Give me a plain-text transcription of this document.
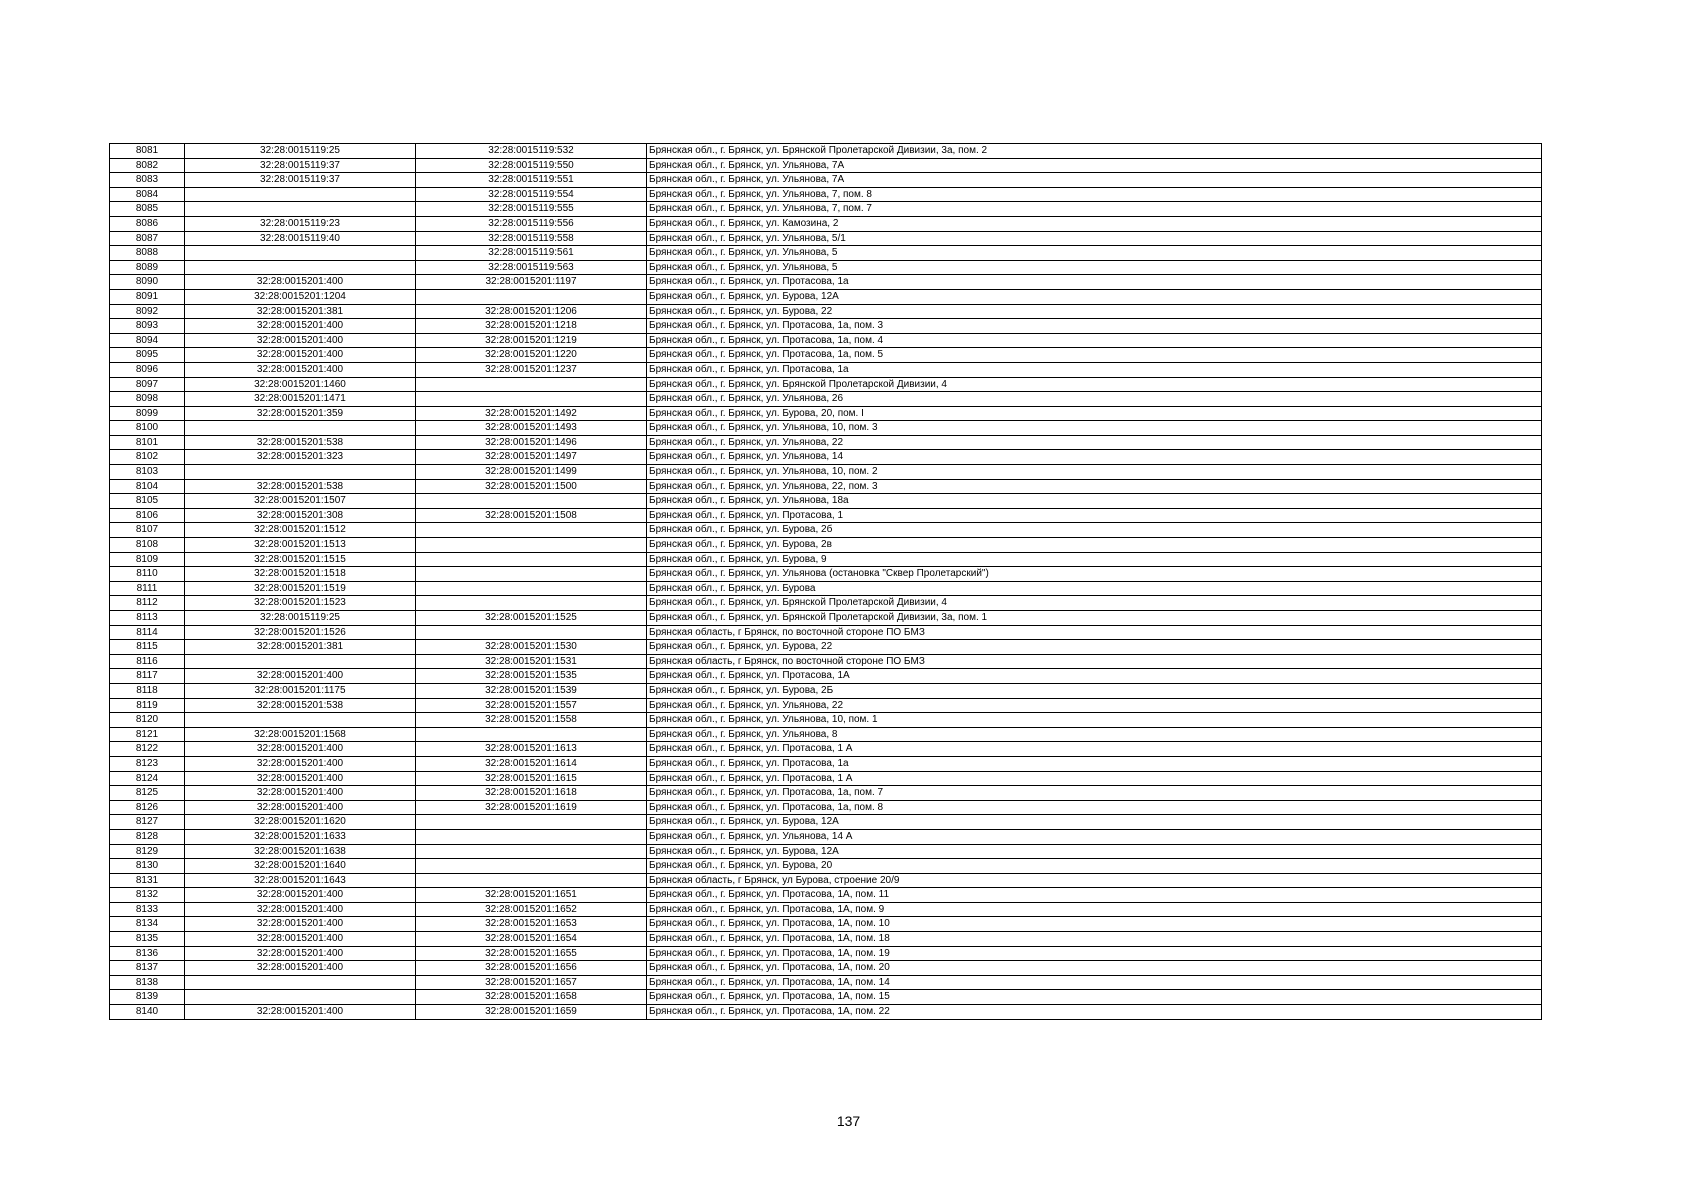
8081	32:28:0015119:25	32:28:0015119:532	Брянская обл., г. Брянск, ул. Брянской Пролетарской Дивизии, 3а, пом. 2
8082	32:28:0015119:37	32:28:0015119:550	Брянская обл., г. Брянск, ул. Ульянова, 7А
8083	32:28:0015119:37	32:28:0015119:551	Брянская обл., г. Брянск, ул. Ульянова, 7А
8084		32:28:0015119:554	Брянская обл., г. Брянск, ул. Ульянова, 7, пом. 8
8085		32:28:0015119:555	Брянская обл., г. Брянск, ул. Ульянова, 7, пом. 7
8086	32:28:0015119:23	32:28:0015119:556	Брянская обл., г. Брянск, ул. Камозина, 2
8087	32:28:0015119:40	32:28:0015119:558	Брянская обл., г. Брянск, ул. Ульянова, 5/1
8088		32:28:0015119:561	Брянская обл., г. Брянск, ул. Ульянова, 5
8089		32:28:0015119:563	Брянская обл., г. Брянск, ул. Ульянова, 5
8090	32:28:0015201:400	32:28:0015201:1197	Брянская обл., г. Брянск, ул. Протасова, 1а
8091	32:28:0015201:1204		Брянская обл., г. Брянск, ул. Бурова, 12А
8092	32:28:0015201:381	32:28:0015201:1206	Брянская обл., г. Брянск, ул. Бурова, 22
8093	32:28:0015201:400	32:28:0015201:1218	Брянская обл., г. Брянск, ул. Протасова, 1а, пом. 3
8094	32:28:0015201:400	32:28:0015201:1219	Брянская обл., г. Брянск, ул. Протасова, 1а, пом. 4
8095	32:28:0015201:400	32:28:0015201:1220	Брянская обл., г. Брянск, ул. Протасова, 1а, пом. 5
8096	32:28:0015201:400	32:28:0015201:1237	Брянская обл., г. Брянск, ул. Протасова, 1а
8097	32:28:0015201:1460		Брянская обл., г. Брянск, ул. Брянской Пролетарской Дивизии, 4
8098	32:28:0015201:1471		Брянская обл., г. Брянск, ул. Ульянова, 26
8099	32:28:0015201:359	32:28:0015201:1492	Брянская обл., г. Брянск, ул. Бурова, 20, пом. I
8100		32:28:0015201:1493	Брянская обл., г. Брянск, ул. Ульянова, 10, пом. 3
8101	32:28:0015201:538	32:28:0015201:1496	Брянская обл., г. Брянск, ул. Ульянова, 22
8102	32:28:0015201:323	32:28:0015201:1497	Брянская обл., г. Брянск, ул. Ульянова, 14
8103		32:28:0015201:1499	Брянская обл., г. Брянск, ул. Ульянова, 10, пом. 2
8104	32:28:0015201:538	32:28:0015201:1500	Брянская обл., г. Брянск, ул. Ульянова, 22, пом. 3
8105	32:28:0015201:1507		Брянская обл., г. Брянск, ул. Ульянова, 18а
8106	32:28:0015201:308	32:28:0015201:1508	Брянская обл., г. Брянск, ул. Протасова, 1
8107	32:28:0015201:1512		Брянская обл., г. Брянск, ул. Бурова, 2б
8108	32:28:0015201:1513		Брянская обл., г. Брянск, ул. Бурова, 2в
8109	32:28:0015201:1515		Брянская обл., г. Брянск, ул. Бурова, 9
8110	32:28:0015201:1518		Брянская обл., г. Брянск, ул. Ульянова (остановка "Сквер Пролетарский")
8111	32:28:0015201:1519		Брянская обл., г. Брянск, ул. Бурова
8112	32:28:0015201:1523		Брянская обл., г. Брянск, ул. Брянской Пролетарской Дивизии, 4
8113	32:28:0015119:25	32:28:0015201:1525	Брянская обл., г. Брянск, ул. Брянской Пролетарской Дивизии, 3а, пом. 1
8114	32:28:0015201:1526		Брянская область, г Брянск, по восточной стороне ПО БМЗ
8115	32:28:0015201:381	32:28:0015201:1530	Брянская обл., г. Брянск, ул. Бурова, 22
8116		32:28:0015201:1531	Брянская область, г Брянск, по восточной стороне ПО БМЗ
8117	32:28:0015201:400	32:28:0015201:1535	Брянская обл., г. Брянск, ул. Протасова, 1А
8118	32:28:0015201:1175	32:28:0015201:1539	Брянская обл., г. Брянск, ул. Бурова, 2Б
8119	32:28:0015201:538	32:28:0015201:1557	Брянская обл., г. Брянск, ул. Ульянова, 22
8120		32:28:0015201:1558	Брянская обл., г. Брянск, ул. Ульянова, 10, пом. 1
8121	32:28:0015201:1568		Брянская обл., г. Брянск, ул. Ульянова, 8
8122	32:28:0015201:400	32:28:0015201:1613	Брянская обл., г. Брянск, ул. Протасова, 1 А
8123	32:28:0015201:400	32:28:0015201:1614	Брянская обл., г. Брянск, ул. Протасова, 1а
8124	32:28:0015201:400	32:28:0015201:1615	Брянская обл., г. Брянск, ул. Протасова, 1 А
8125	32:28:0015201:400	32:28:0015201:1618	Брянская обл., г. Брянск, ул. Протасова, 1а, пом. 7
8126	32:28:0015201:400	32:28:0015201:1619	Брянская обл., г. Брянск, ул. Протасова, 1а, пом. 8
8127	32:28:0015201:1620		Брянская обл., г. Брянск, ул. Бурова, 12А
8128	32:28:0015201:1633		Брянская обл., г. Брянск, ул. Ульянова, 14 А
8129	32:28:0015201:1638		Брянская обл., г. Брянск, ул. Бурова, 12А
8130	32:28:0015201:1640		Брянская обл., г. Брянск, ул. Бурова, 20
8131	32:28:0015201:1643		Брянская область, г Брянск, ул Бурова, строение 20/9
8132	32:28:0015201:400	32:28:0015201:1651	Брянская обл., г. Брянск, ул. Протасова, 1А, пом. 11
8133	32:28:0015201:400	32:28:0015201:1652	Брянская обл., г. Брянск, ул. Протасова, 1А, пом. 9
8134	32:28:0015201:400	32:28:0015201:1653	Брянская обл., г. Брянск, ул. Протасова, 1А, пом. 10
8135	32:28:0015201:400	32:28:0015201:1654	Брянская обл., г. Брянск, ул. Протасова, 1А, пом. 18
8136	32:28:0015201:400	32:28:0015201:1655	Брянская обл., г. Брянск, ул. Протасова, 1А, пом. 19
8137	32:28:0015201:400	32:28:0015201:1656	Брянская обл., г. Брянск, ул. Протасова, 1А, пом. 20
8138		32:28:0015201:1657	Брянская обл., г. Брянск, ул. Протасова, 1А, пом. 14
8139		32:28:0015201:1658	Брянская обл., г. Брянск, ул. Протасова, 1А, пом. 15
8140	32:28:0015201:400	32:28:0015201:1659	Брянская обл., г. Брянск, ул. Протасова, 1А, пом. 22
137
